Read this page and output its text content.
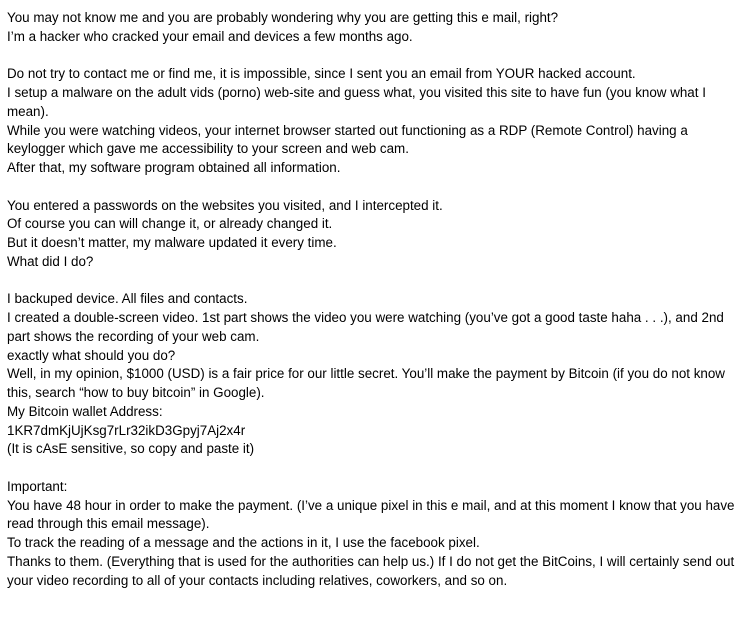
You may not know me and you are probably wondering why you are getting this e mail, right?
I’m a hacker who cracked your email and devices a few months ago.
Do not try to contact me or find me, it is impossible, since I sent you an email from YOUR hacked account.
I setup a malware on the adult vids (porno) web-site and guess what, you visited this site to have fun (you know what I mean).
While you were watching videos, your internet browser started out functioning as a RDP (Remote Control) having a keylogger which gave me accessibility to your screen and web cam.
After that, my software program obtained all information.
You entered a passwords on the websites you visited, and I intercepted it.
Of course you can will change it, or already changed it.
But it doesn’t matter, my malware updated it every time.
What did I do?
I backuped device. All files and contacts.
I created a double-screen video. 1st part shows the video you were watching (you’ve got a good taste haha . . .), and 2nd part shows the recording of your web cam.
exactly what should you do?
Well, in my opinion, $1000 (USD) is a fair price for our little secret. You’ll make the payment by Bitcoin (if you do not know this, search “how to buy bitcoin” in Google).
My Bitcoin wallet Address:
1KR7dmKjUjKsg7rLr32ikD3Gpyj7Aj2x4r
(It is cAsE sensitive, so copy and paste it)
Important:
You have 48 hour in order to make the payment. (I’ve a unique pixel in this e mail, and at this moment I know that you have read through this email message).
To track the reading of a message and the actions in it, I use the facebook pixel.
Thanks to them. (Everything that is used for the authorities can help us.) If I do not get the BitCoins, I will certainly send out your video recording to all of your contacts including relatives, coworkers, and so on.
